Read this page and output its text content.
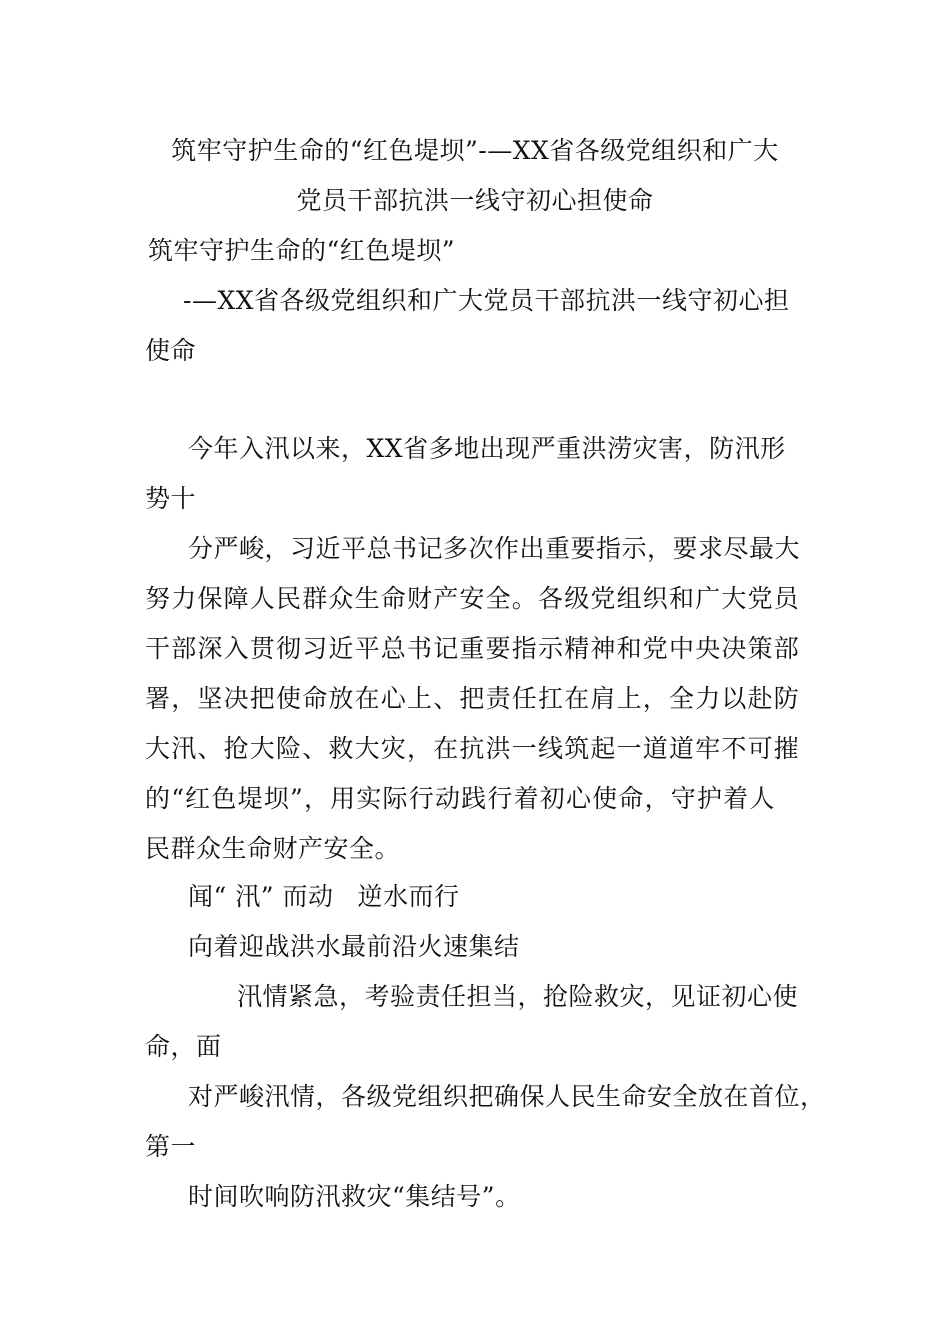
筑牢守护生命的“红色堤坝”-—XX省各级党组织和广大
党员干部抗洪一线守初心担使命
筑牢守护生命的“红色堤坝”
-—XX省各级党组织和广大党员干部抗洪一线守初心担
使命
今年入汛以来，XX省多地出现严重洪涝灾害，防汛形
势十
分严峻，习近平总书记多次作出重要指示，要求尽最大
努力保障人民群众生命财产安全。各级党组织和广大党员
干部深入贯彻习近平总书记重要指示精神和党中央决策部
署，坚决把使命放在心上、把责任扛在肩上，全力以赴防
大汛、抢大险、救大灾，在抗洪一线筑起一道道牢不可摧
的“红色堤坝”，用实际行动践行着初心使命，守护着人
民群众生命财产安全。
闻“ 汛” 而动 逆水而行
向着迎战洪水最前沿火速集结
汛情紧急，考验责任担当，抢险救灾，见证初心使
命，面
对严峻汛情，各级党组织把确保人民生命安全放在首位，
第一
时间吹响防汛救灾“集结号”。
